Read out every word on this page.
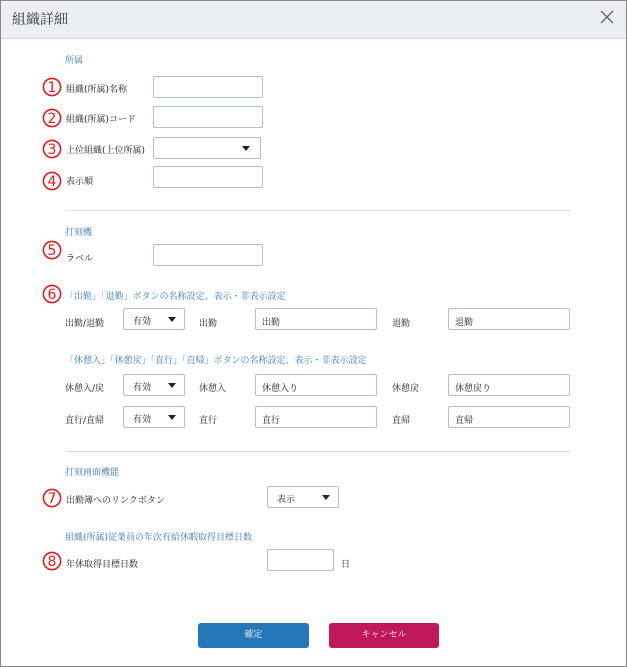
組織詳細
所属
1 組織(所属)名称
2 組織(所属)コード
3 上位組織(上位所属)
4 表示順
打刻機
5 ラベル
6 「出勤」「退勤」ボタンの名称設定、表示・非表示設定
出勤/退勤	有効	出勤	出勤	退勤	退勤
「休憩入」「休憩戻」「直行」「直帰」ボタンの名称設定、表示・非表示設定
休憩入/戻	有効	休憩入	休憩入り	休憩戻	休憩戻り
直行/直帰	有効	直行	直行	直帰	直帰
打刻画面機能
7 出勤簿へのリンクボタン	表示
組織(所属)従業員の年次有給休暇取得目標日数
8 年休取得目標日数	日
確定	キャンセル
